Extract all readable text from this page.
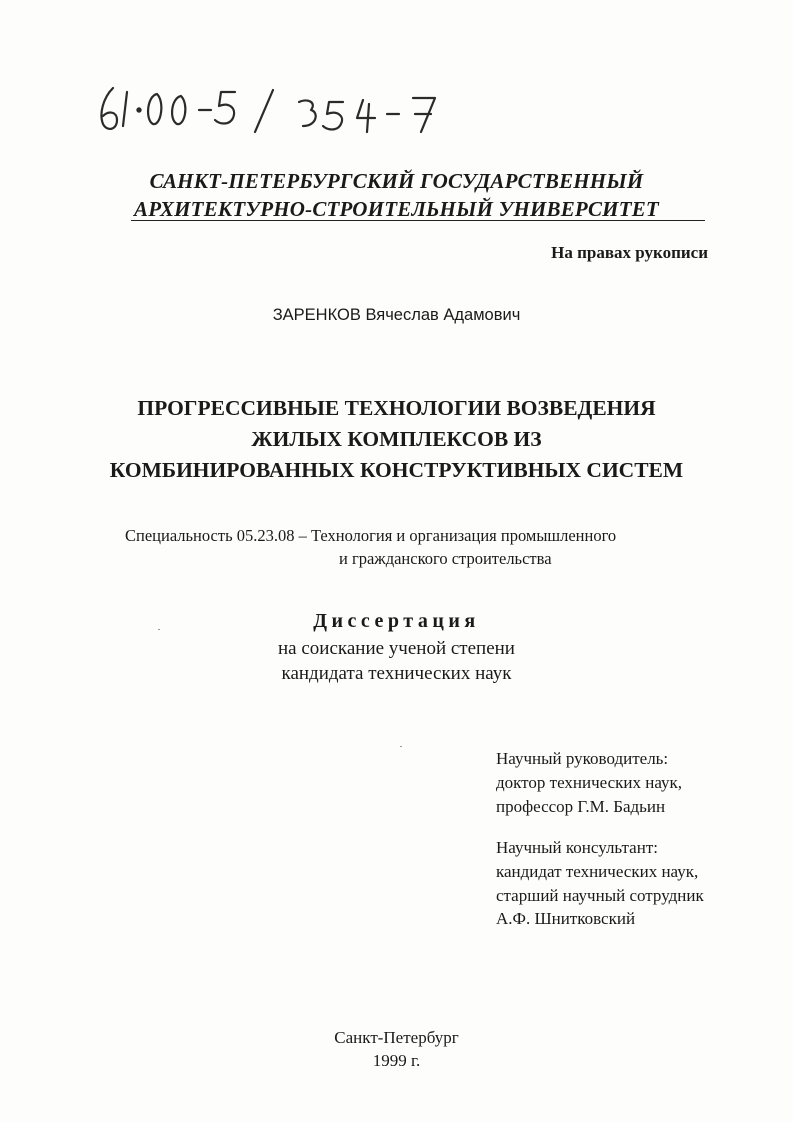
САНКТ-ПЕТЕРБУРГСКИЙ ГОСУДАРСТВЕННЫЙ
АРХИТЕКТУРНО-СТРОИТЕЛЬНЫЙ УНИВЕРСИТЕТ
На правах рукописи
ЗАРЕНКОВ Вячеслав Адамович
ПРОГРЕССИВНЫЕ ТЕХНОЛОГИИ ВОЗВЕДЕНИЯ
ЖИЛЫХ КОМПЛЕКСОВ ИЗ
КОМБИНИРОВАННЫХ КОНСТРУКТИВНЫХ СИСТЕМ
Специальность 05.23.08 – Технология и организация промышленного
и гражданского строительства
Диссертация
на соискание ученой степени
кандидата технических наук
Научный руководитель:
доктор технических наук,
профессор Г.М. Бадьин
Научный консультант:
кандидат технических наук,
старший научный сотрудник
А.Ф. Шнитковский
Санкт-Петербург
1999 г.
